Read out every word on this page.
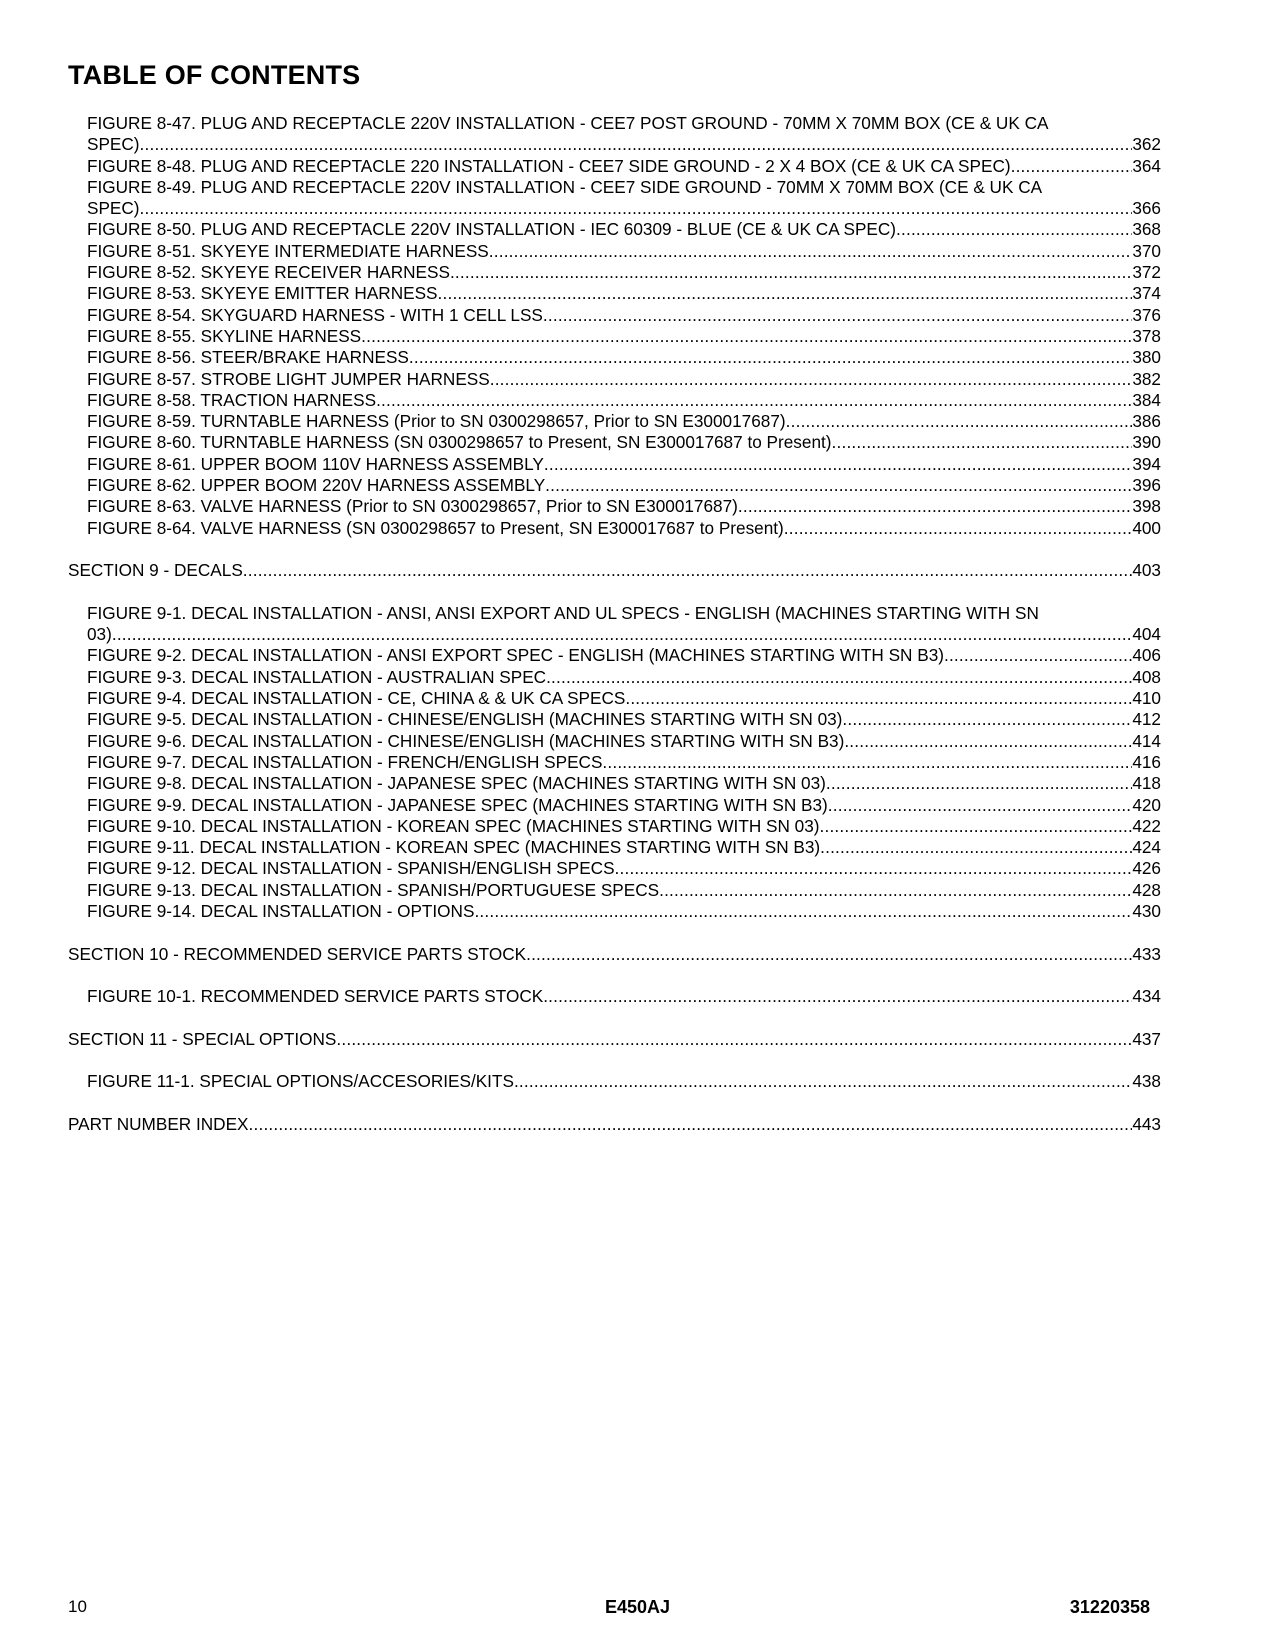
TABLE OF CONTENTS
FIGURE 8-47. PLUG AND RECEPTACLE 220V INSTALLATION - CEE7 POST GROUND - 70MM X 70MM BOX (CE & UK CA
SPEC) .....	362
FIGURE 8-48. PLUG AND RECEPTACLE 220 INSTALLATION - CEE7 SIDE GROUND - 2 X 4 BOX (CE & UK CA SPEC) .....	364
FIGURE 8-49. PLUG AND RECEPTACLE 220V INSTALLATION - CEE7 SIDE GROUND - 70MM X 70MM BOX (CE & UK CA
SPEC) .....	366
FIGURE 8-50. PLUG AND RECEPTACLE 220V INSTALLATION - IEC 60309 - BLUE (CE & UK CA SPEC) .....	368
FIGURE 8-51. SKYEYE INTERMEDIATE HARNESS .....	370
FIGURE 8-52. SKYEYE RECEIVER HARNESS .....	372
FIGURE 8-53. SKYEYE EMITTER HARNESS .....	374
FIGURE 8-54. SKYGUARD HARNESS - WITH 1 CELL LSS .....	376
FIGURE 8-55. SKYLINE HARNESS .....	378
FIGURE 8-56. STEER/BRAKE HARNESS .....	380
FIGURE 8-57. STROBE LIGHT JUMPER HARNESS .....	382
FIGURE 8-58. TRACTION HARNESS .....	384
FIGURE 8-59. TURNTABLE HARNESS (Prior to SN 0300298657, Prior to SN E300017687) .....	386
FIGURE 8-60. TURNTABLE HARNESS (SN 0300298657 to Present, SN E300017687 to Present) .....	390
FIGURE 8-61. UPPER BOOM 110V HARNESS ASSEMBLY .....	394
FIGURE 8-62. UPPER BOOM 220V HARNESS ASSEMBLY .....	396
FIGURE 8-63. VALVE HARNESS (Prior to SN 0300298657, Prior to SN E300017687) .....	398
FIGURE 8-64. VALVE HARNESS (SN 0300298657 to Present, SN E300017687 to Present) .....	400
SECTION 9 - DECALS .....	403
FIGURE 9-1. DECAL INSTALLATION - ANSI, ANSI EXPORT AND UL SPECS - ENGLISH (MACHINES STARTING WITH SN
03) .....	404
FIGURE 9-2. DECAL INSTALLATION - ANSI EXPORT SPEC - ENGLISH (MACHINES STARTING WITH SN B3) .....	406
FIGURE 9-3. DECAL INSTALLATION - AUSTRALIAN SPEC .....	408
FIGURE 9-4. DECAL INSTALLATION - CE, CHINA & & UK CA SPECS .....	410
FIGURE 9-5. DECAL INSTALLATION - CHINESE/ENGLISH (MACHINES STARTING WITH SN 03) .....	412
FIGURE 9-6. DECAL INSTALLATION - CHINESE/ENGLISH (MACHINES STARTING WITH SN B3) .....	414
FIGURE 9-7. DECAL INSTALLATION - FRENCH/ENGLISH SPECS .....	416
FIGURE 9-8. DECAL INSTALLATION - JAPANESE SPEC (MACHINES STARTING WITH SN 03) .....	418
FIGURE 9-9. DECAL INSTALLATION - JAPANESE SPEC (MACHINES STARTING WITH SN B3) .....	420
FIGURE 9-10. DECAL INSTALLATION - KOREAN SPEC (MACHINES STARTING WITH SN 03) .....	422
FIGURE 9-11. DECAL INSTALLATION - KOREAN SPEC (MACHINES STARTING WITH SN B3) .....	424
FIGURE 9-12. DECAL INSTALLATION - SPANISH/ENGLISH SPECS .....	426
FIGURE 9-13. DECAL INSTALLATION - SPANISH/PORTUGUESE SPECS .....	428
FIGURE 9-14. DECAL INSTALLATION - OPTIONS .....	430
SECTION 10 - RECOMMENDED SERVICE PARTS STOCK .....	433
FIGURE 10-1. RECOMMENDED SERVICE PARTS STOCK .....	434
SECTION 11 - SPECIAL OPTIONS .....	437
FIGURE 11-1. SPECIAL OPTIONS/ACCESORIES/KITS .....	438
PART NUMBER INDEX .....	443
10	E450AJ	31220358
